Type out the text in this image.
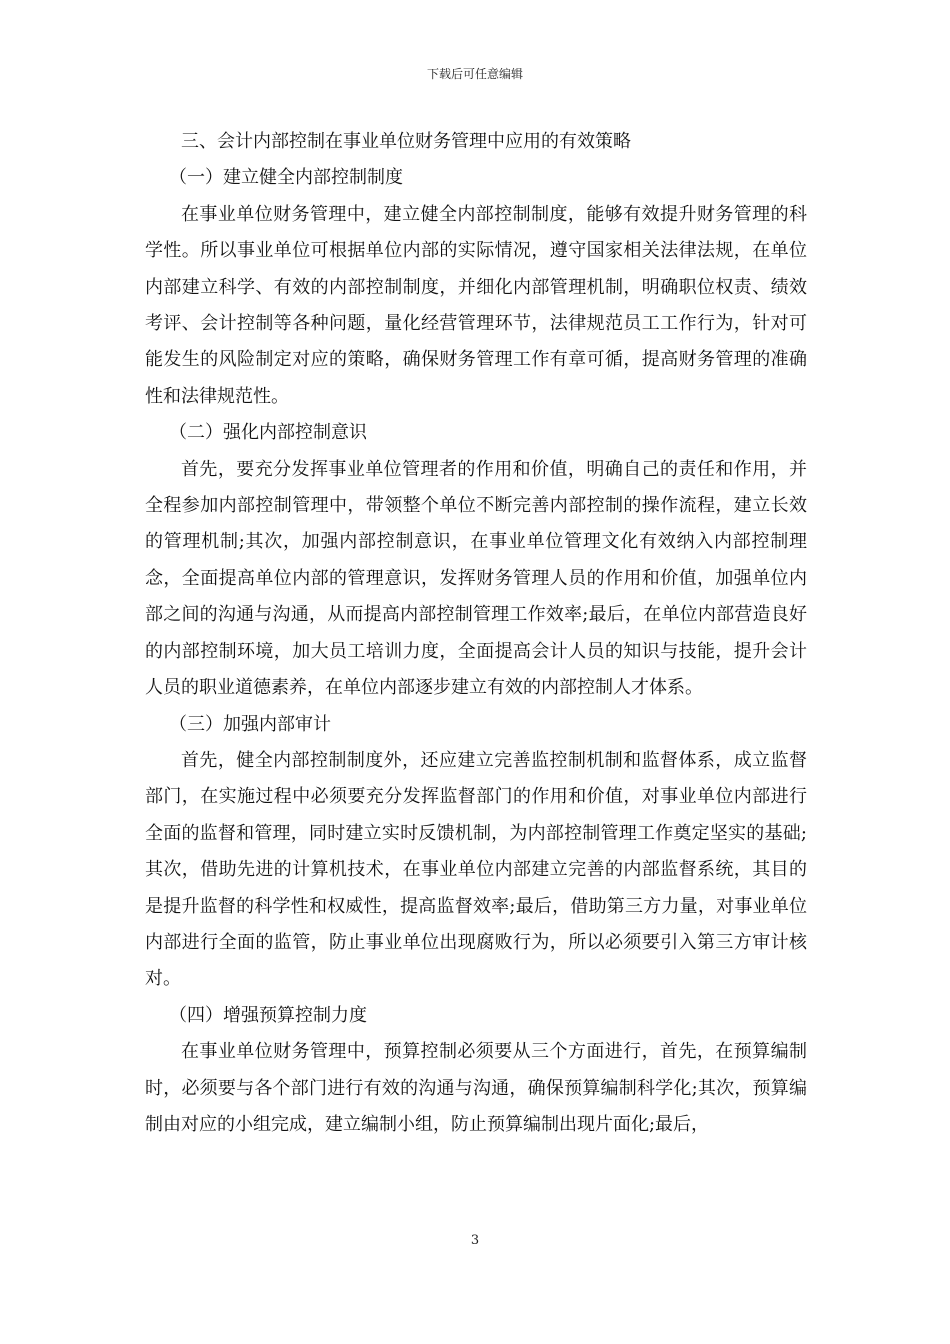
下载后可任意编辑

三、会计内部控制在事业单位财务管理中应用的有效策略

（一）建立健全内部控制制度

在事业单位财务管理中，建立健全内部控制制度，能够有效提升财务管理的科学性。所以事业单位可根据单位内部的实际情况，遵守国家相关法律法规，在单位内部建立科学、有效的内部控制制度，并细化内部管理机制，明确职位权责、绩效考评、会计控制等各种问题，量化经营管理环节，法律规范员工工作行为，针对可能发生的风险制定对应的策略，确保财务管理工作有章可循，提高财务管理的准确性和法律规范性。

（二）强化内部控制意识

首先，要充分发挥事业单位管理者的作用和价值，明确自己的责任和作用，并全程参加内部控制管理中，带领整个单位不断完善内部控制的操作流程，建立长效的管理机制;其次，加强内部控制意识，在事业单位管理文化有效纳入内部控制理念，全面提高单位内部的管理意识，发挥财务管理人员的作用和价值，加强单位内部之间的沟通与沟通，从而提高内部控制管理工作效率;最后，在单位内部营造良好的内部控制环境，加大员工培训力度，全面提高会计人员的知识与技能，提升会计人员的职业道德素养，在单位内部逐步建立有效的内部控制人才体系。

（三）加强内部审计

首先，健全内部控制制度外，还应建立完善监控制机制和监督体系，成立监督部门，在实施过程中必须要充分发挥监督部门的作用和价值，对事业单位内部进行全面的监督和管理，同时建立实时反馈机制，为内部控制管理工作奠定坚实的基础;其次，借助先进的计算机技术，在事业单位内部建立完善的内部监督系统，其目的是提升监督的科学性和权威性，提高监督效率;最后，借助第三方力量，对事业单位内部进行全面的监管，防止事业单位出现腐败行为，所以必须要引入第三方审计核对。

（四）增强预算控制力度

在事业单位财务管理中，预算控制必须要从三个方面进行，首先，在预算编制时，必须要与各个部门进行有效的沟通与沟通，确保预算编制科学化;其次，预算编制由对应的小组完成，建立编制小组，防止预算编制出现片面化;最后，

3
